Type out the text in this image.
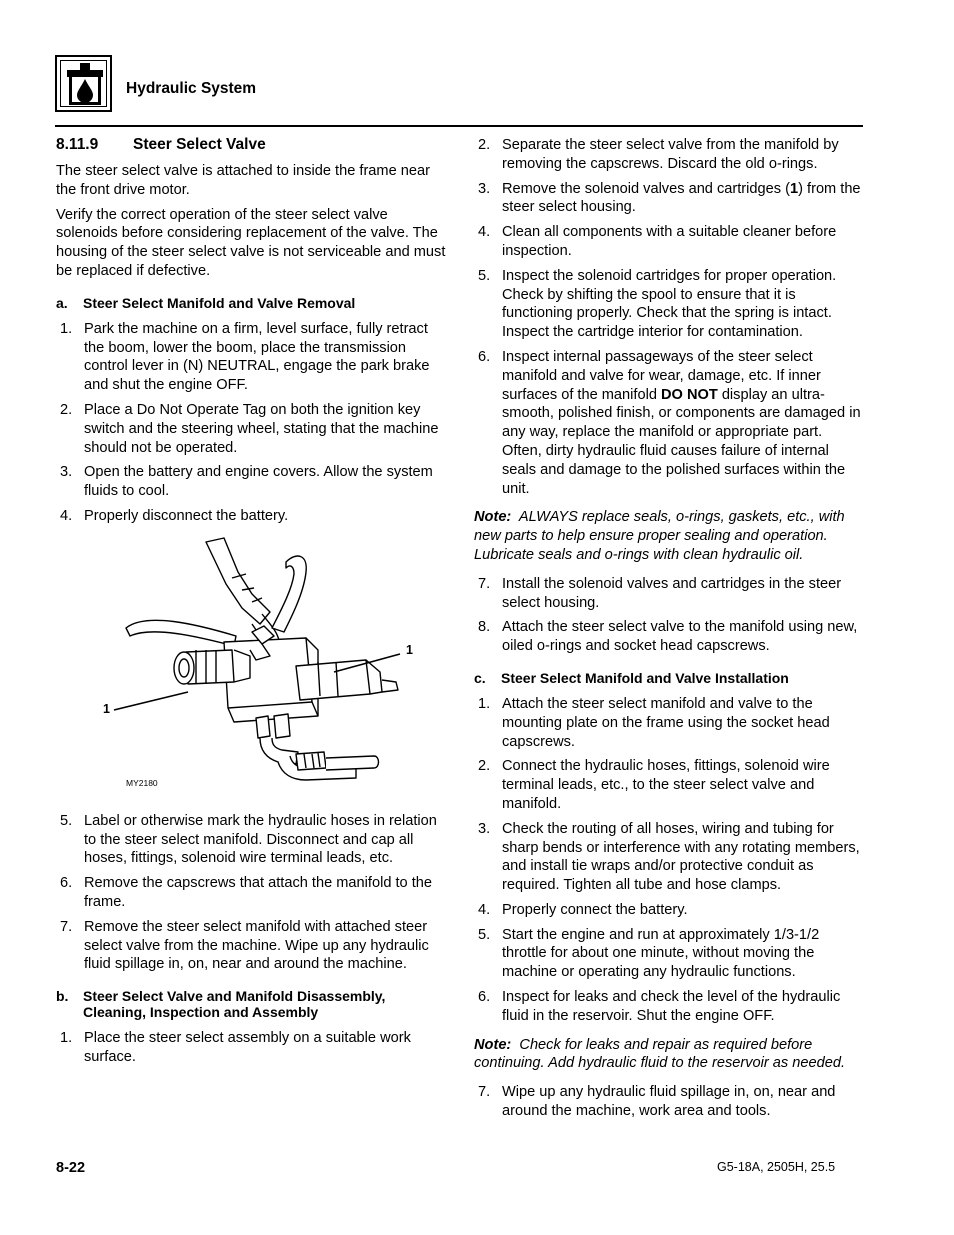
Hydraulic System
8.11.9 Steer Select Valve

The steer select valve is attached to inside the frame near the front drive motor.

Verify the correct operation of the steer select valve solenoids before considering replacement of the valve. The housing of the steer select valve is not serviceable and must be replaced if defective.

a.	Steer Select Manifold and Valve Removal
1. Park the machine on a firm, level surface, fully retract the boom, lower the boom, place the transmission control lever in (N) NEUTRAL, engage the park brake and shut the engine OFF.
2. Place a Do Not Operate Tag on both the ignition key switch and the steering wheel, stating that the machine should not be operated.
3. Open the battery and engine covers. Allow the system fluids to cool.
4. Properly disconnect the battery.
1
1
MY2180
5. Label or otherwise mark the hydraulic hoses in relation to the steer select manifold. Disconnect and cap all hoses, fittings, solenoid wire terminal leads, etc.
6. Remove the capscrews that attach the manifold to the frame.
7. Remove the steer select manifold with attached steer select valve from the machine. Wipe up any hydraulic fluid spillage in, on, near and around the machine.
b.	Steer Select Valve and Manifold Disassembly, Cleaning, Inspection and Assembly
1. Place the steer select assembly on a suitable work surface.
2. Separate the steer select valve from the manifold by removing the capscrews. Discard the old o-rings.
3. Remove the solenoid valves and cartridges (1) from the steer select housing.
4. Clean all components with a suitable cleaner before inspection.
5. Inspect the solenoid cartridges for proper operation. Check by shifting the spool to ensure that it is functioning properly. Check that the spring is intact. Inspect the cartridge interior for contamination.
6. Inspect internal passageways of the steer select manifold and valve for wear, damage, etc. If inner surfaces of the manifold DO NOT display an ultra-smooth, polished finish, or components are damaged in any way, replace the manifold or appropriate part. Often, dirty hydraulic fluid causes failure of internal seals and damage to the polished surfaces within the unit.

Note: ALWAYS replace seals, o-rings, gaskets, etc., with new parts to help ensure proper sealing and operation. Lubricate seals and o-rings with clean hydraulic oil.

7. Install the solenoid valves and cartridges in the steer select housing.
8. Attach the steer select valve to the manifold using new, oiled o-rings and socket head capscrews.
c.	Steer Select Manifold and Valve Installation
1. Attach the steer select manifold and valve to the mounting plate on the frame using the socket head capscrews.
2. Connect the hydraulic hoses, fittings, solenoid wire terminal leads, etc., to the steer select valve and manifold.
3. Check the routing of all hoses, wiring and tubing for sharp bends or interference with any rotating members, and install tie wraps and/or protective conduit as required. Tighten all tube and hose clamps.
4. Properly connect the battery.
5. Start the engine and run at approximately 1/3-1/2 throttle for about one minute, without moving the machine or operating any hydraulic functions.
6. Inspect for leaks and check the level of the hydraulic fluid in the reservoir. Shut the engine OFF.

Note: Check for leaks and repair as required before continuing. Add hydraulic fluid to the reservoir as needed.

7. Wipe up any hydraulic fluid spillage in, on, near and around the machine, work area and tools.
8-22	G5-18A, 2505H, 25.5
